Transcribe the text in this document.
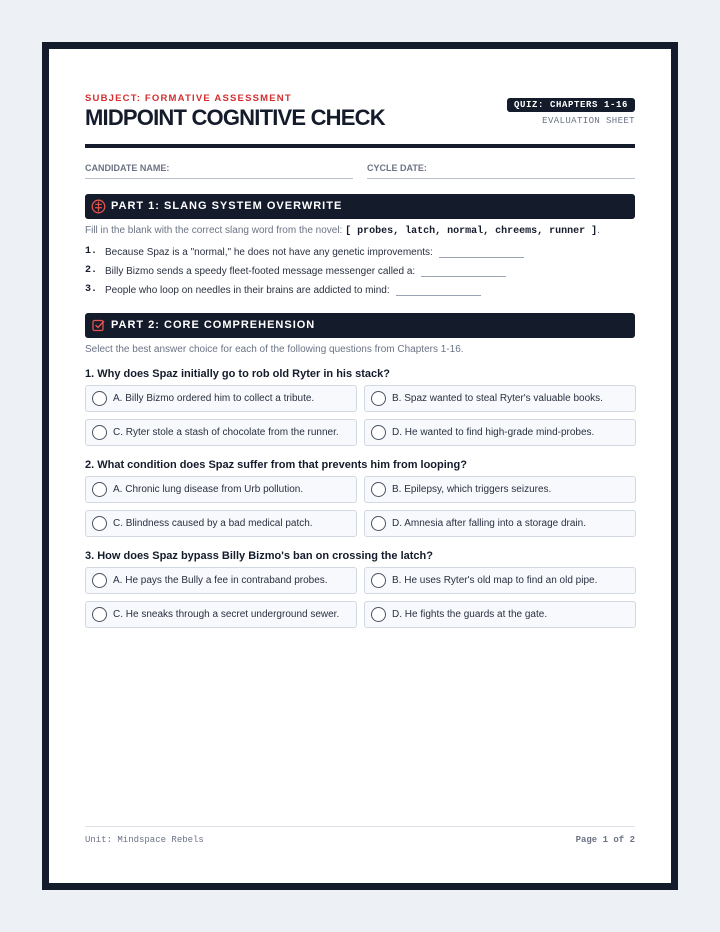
SUBJECT: FORMATIVE ASSESSMENT
MIDPOINT COGNITIVE CHECK	QUIZ: CHAPTERS 1-16
EVALUATION SHEET
CANDIDATE NAME:	CYCLE DATE:
PART 1: SLANG SYSTEM OVERWRITE
Fill in the blank with the correct slang word from the novel: [ probes, latch, normal, chreems, runner ].
1. Because Spaz is a "normal," he does not have any genetic improvements:
2. Billy Bizmo sends a speedy fleet-footed message messenger called a:
3. People who loop on needles in their brains are addicted to mind:
PART 2: CORE COMPREHENSION
Select the best answer choice for each of the following questions from Chapters 1-16.
1. Why does Spaz initially go to rob old Ryter in his stack?
A. Billy Bizmo ordered him to collect a tribute.	B. Spaz wanted to steal Ryter's valuable books.
C. Ryter stole a stash of chocolate from the runner.	D. He wanted to find high-grade mind-probes.
2. What condition does Spaz suffer from that prevents him from looping?
A. Chronic lung disease from Urb pollution.	B. Epilepsy, which triggers seizures.
C. Blindness caused by a bad medical patch.	D. Amnesia after falling into a storage drain.
3. How does Spaz bypass Billy Bizmo's ban on crossing the latch?
A. He pays the Bully a fee in contraband probes.	B. He uses Ryter's old map to find an old pipe.
C. He sneaks through a secret underground sewer.	D. He fights the guards at the gate.
Unit: Mindspace Rebels	Page 1 of 2
